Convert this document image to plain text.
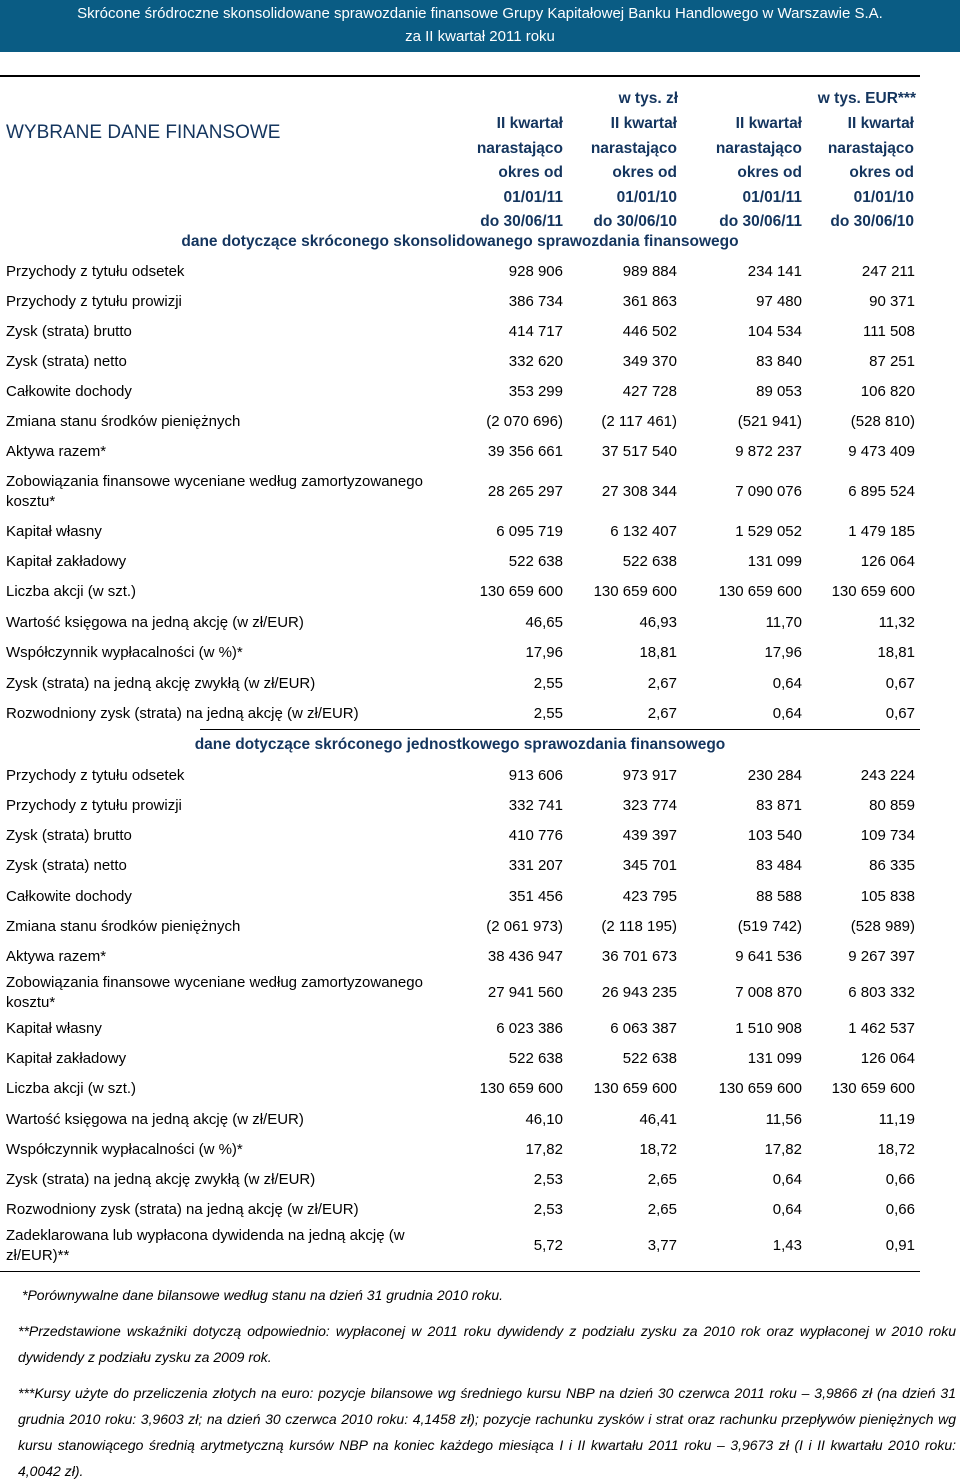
Skrócone śródroczne skonsolidowane sprawozdanie finansowe Grupy Kapitałowej Banku Handlowego w Warszawie S.A.
za II kwartał 2011 roku
w tys. zł	w tys. EUR***
WYBRANE DANE FINANSOWE	II kwartał
narastająco
okres od
01/01/11
do 30/06/11
II kwartał
narastająco
okres od
01/01/10
do 30/06/10
II kwartał
narastająco
okres od
01/01/11
do 30/06/11
II kwartał
narastająco
okres od
01/01/10
do 30/06/10
dane dotyczące skróconego skonsolidowanego sprawozdania finansowego
Przychody z tytułu odsetek	928 906	989 884	234 141	247 211
Przychody z tytułu prowizji	386 734	361 863	97 480	90 371
Zysk (strata) brutto	414 717	446 502	104 534	111 508
Zysk (strata) netto	332 620	349 370	83 840	87 251
Całkowite dochody	353 299	427 728	89 053	106 820
Zmiana stanu środków pieniężnych	(2 070 696)	(2 117 461)	(521 941)	(528 810)
Aktywa razem*	39 356 661	37 517 540	9 872 237	9 473 409
Zobowiązania finansowe wyceniane według zamortyzowanego kosztu*
28 265 297	27 308 344	7 090 076	6 895 524
Kapitał własny	6 095 719	6 132 407	1 529 052	1 479 185
Kapitał zakładowy	522 638	522 638	131 099	126 064
Liczba akcji (w szt.)	130 659 600	130 659 600	130 659 600	130 659 600
Wartość księgowa na jedną akcję (w zł/EUR)	46,65	46,93	11,70	11,32
Współczynnik wypłacalności (w %)*	17,96	18,81	17,96	18,81
Zysk (strata) na jedną akcję zwykłą (w zł/EUR)	2,55	2,67	0,64	0,67
Rozwodniony zysk (strata) na jedną akcję (w zł/EUR)	2,55	2,67	0,64	0,67
dane dotyczące skróconego jednostkowego sprawozdania finansowego
Przychody z tytułu odsetek	913 606	973 917	230 284	243 224
Przychody z tytułu prowizji	332 741	323 774	83 871	80 859
Zysk (strata) brutto	410 776	439 397	103 540	109 734
Zysk (strata) netto	331 207	345 701	83 484	86 335
Całkowite dochody	351 456	423 795	88 588	105 838
Zmiana stanu środków pieniężnych	(2 061 973)	(2 118 195)	(519 742)	(528 989)
Aktywa razem*	38 436 947	36 701 673	9 641 536	9 267 397
Zobowiązania finansowe wyceniane według zamortyzowanego kosztu*
27 941 560	26 943 235	7 008 870	6 803 332
Kapitał własny	6 023 386	6 063 387	1 510 908	1 462 537
Kapitał zakładowy	522 638	522 638	131 099	126 064
Liczba akcji (w szt.)	130 659 600	130 659 600	130 659 600	130 659 600
Wartość księgowa na jedną akcję (w zł/EUR)	46,10	46,41	11,56	11,19
Współczynnik wypłacalności (w %)*	17,82	18,72	17,82	18,72
Zysk (strata) na jedną akcję zwykłą (w zł/EUR)	2,53	2,65	0,64	0,66
Rozwodniony zysk (strata) na jedną akcję (w zł/EUR)	2,53	2,65	0,64	0,66
Zadeklarowana lub wypłacona dywidenda na jedną akcję (w zł/EUR)**
5,72	3,77	1,43	0,91
*Porównywalne dane bilansowe według stanu na dzień 31 grudnia 2010 roku.
**Przedstawione wskaźniki dotyczą odpowiednio: wypłaconej w 2011 roku dywidendy z podziału zysku za 2010 rok oraz wypłaconej w 2010 roku dywidendy z podziału zysku za 2009 rok.
***Kursy użyte do przeliczenia złotych na euro: pozycje bilansowe wg średniego kursu NBP na dzień 30 czerwca 2011 roku – 3,9866 zł (na dzień 31 grudnia 2010 roku: 3,9603 zł; na dzień 30 czerwca 2010 roku: 4,1458 zł); pozycje rachunku zysków i strat oraz rachunku przepływów pieniężnych wg kursu stanowiącego średnią arytmetyczną kursów NBP na koniec każdego miesiąca I i II kwartału 2011 roku – 3,9673 zł (I i II kwartału 2010 roku: 4,0042 zł).
